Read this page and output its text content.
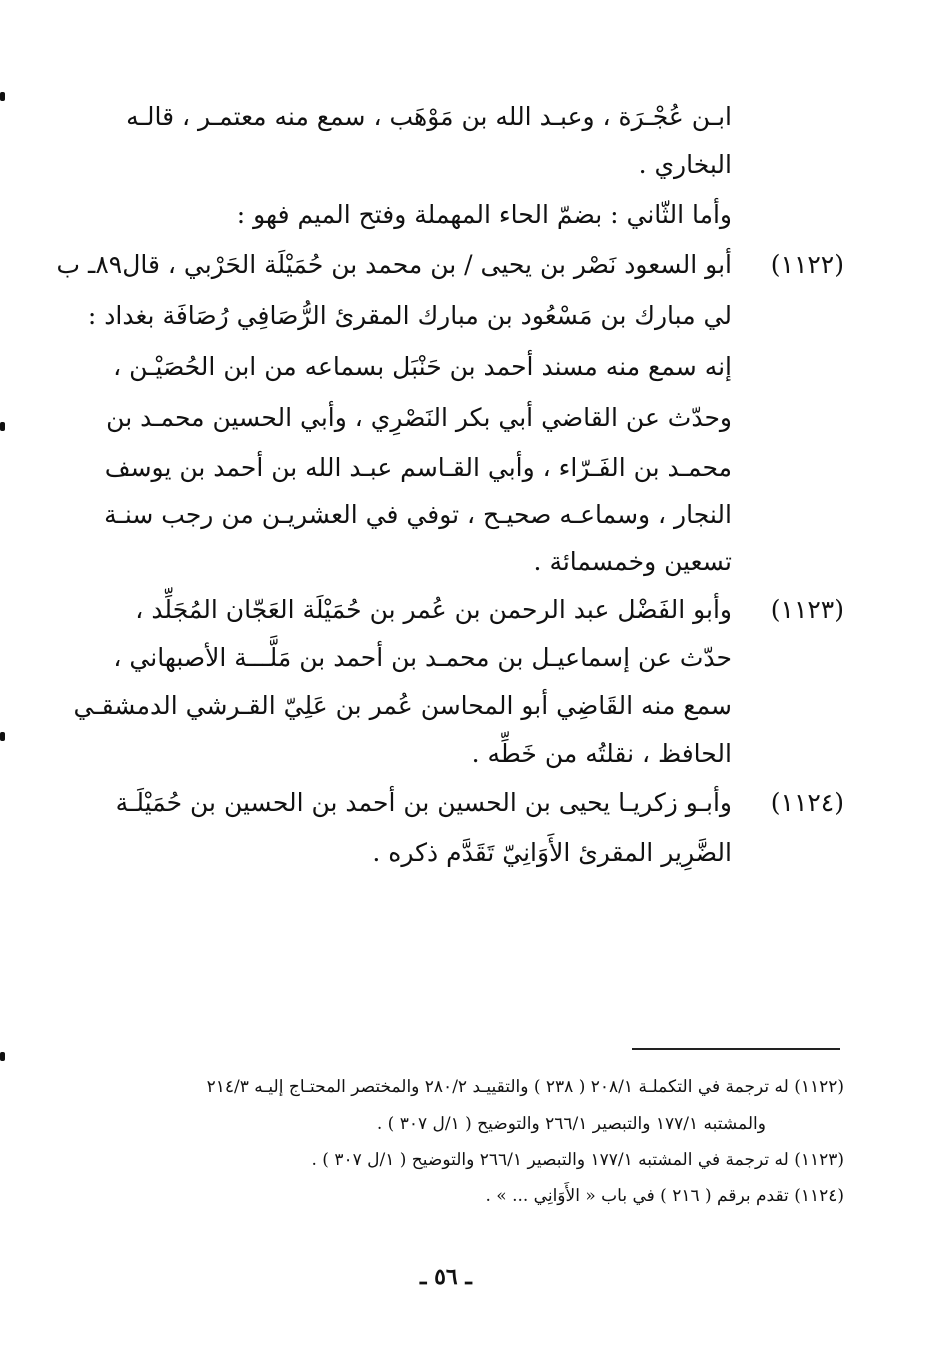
ابـن عُجْـرَة ، وعبـد الله بن مَوْهَب ، سمع منه معتمـر ، قالـه
البخاري .
وأما الثّاني : بضمّ الحاء المهملة وفتح الميم فهو :
(١١٢٢)
أبو السعود نَصْر بن يحيى / بن محمد بن حُمَيْلَة الحَرْبي ، قال٨٩ـ ب
لي مبارك بن مَسْعُود بن مبارك المقرئ الرُّصَافِي رُصَافَة بغداد :
إنه سمع منه مسند أحمد بن حَنْبَل بسماعه من ابن الحُصَيْـن ،
وحدّث عن القاضي أبي بكر النَصْرِي ، وأبي الحسين محمـد بن
محمـد بن الفَـرّاء ، وأبي القـاسم عبـد الله بن أحمد بن يوسف
النجار ، وسماعـه صحيـح ، توفي في العشريـن من رجب سنـة
تسعين وخمسمائة .
(١١٢٣)
وأبو الفَضْل عبد الرحمن بن عُمر بن حُمَيْلَة العَجّان المُجَلِّد ،
حدّث عن إسماعيـل بن محمـد بن أحمد بن مَلَّـــة الأصبهاني ،
سمع منه القَاضِي أبو المحاسن عُمر بن عَلِيّ القـرشي الدمشقـي
الحافظ ، نقلتُه من خَطِّه .
(١١٢٤)
وأبـو زكريـا يحيى بن الحسين بن أحمد بن الحسين بن حُمَيْلَـة
الضَّرِير المقرئ الأَوَانِيّ تَقَدَّم ذكره .
(١١٢٢) له ترجمة في التكملـة ٢٠٨/١ ( ٢٣٨ ) والتقييـد ٢٨٠/٢ والمختصر المحتـاج إليـه ٢١٤/٣
والمشتبه ١٧٧/١ والتبصير ٢٦٦/١ والتوضيح ( ١/ل ٣٠٧ ) .
(١١٢٣) له ترجمة في المشتبه ١٧٧/١ والتبصير ٢٦٦/١ والتوضيح ( ١/ل ٣٠٧ ) .
(١١٢٤) تقدم برقم ( ٢١٦ ) في باب « الأَوَانِي ... » .
ـ ٥٦ ـ
